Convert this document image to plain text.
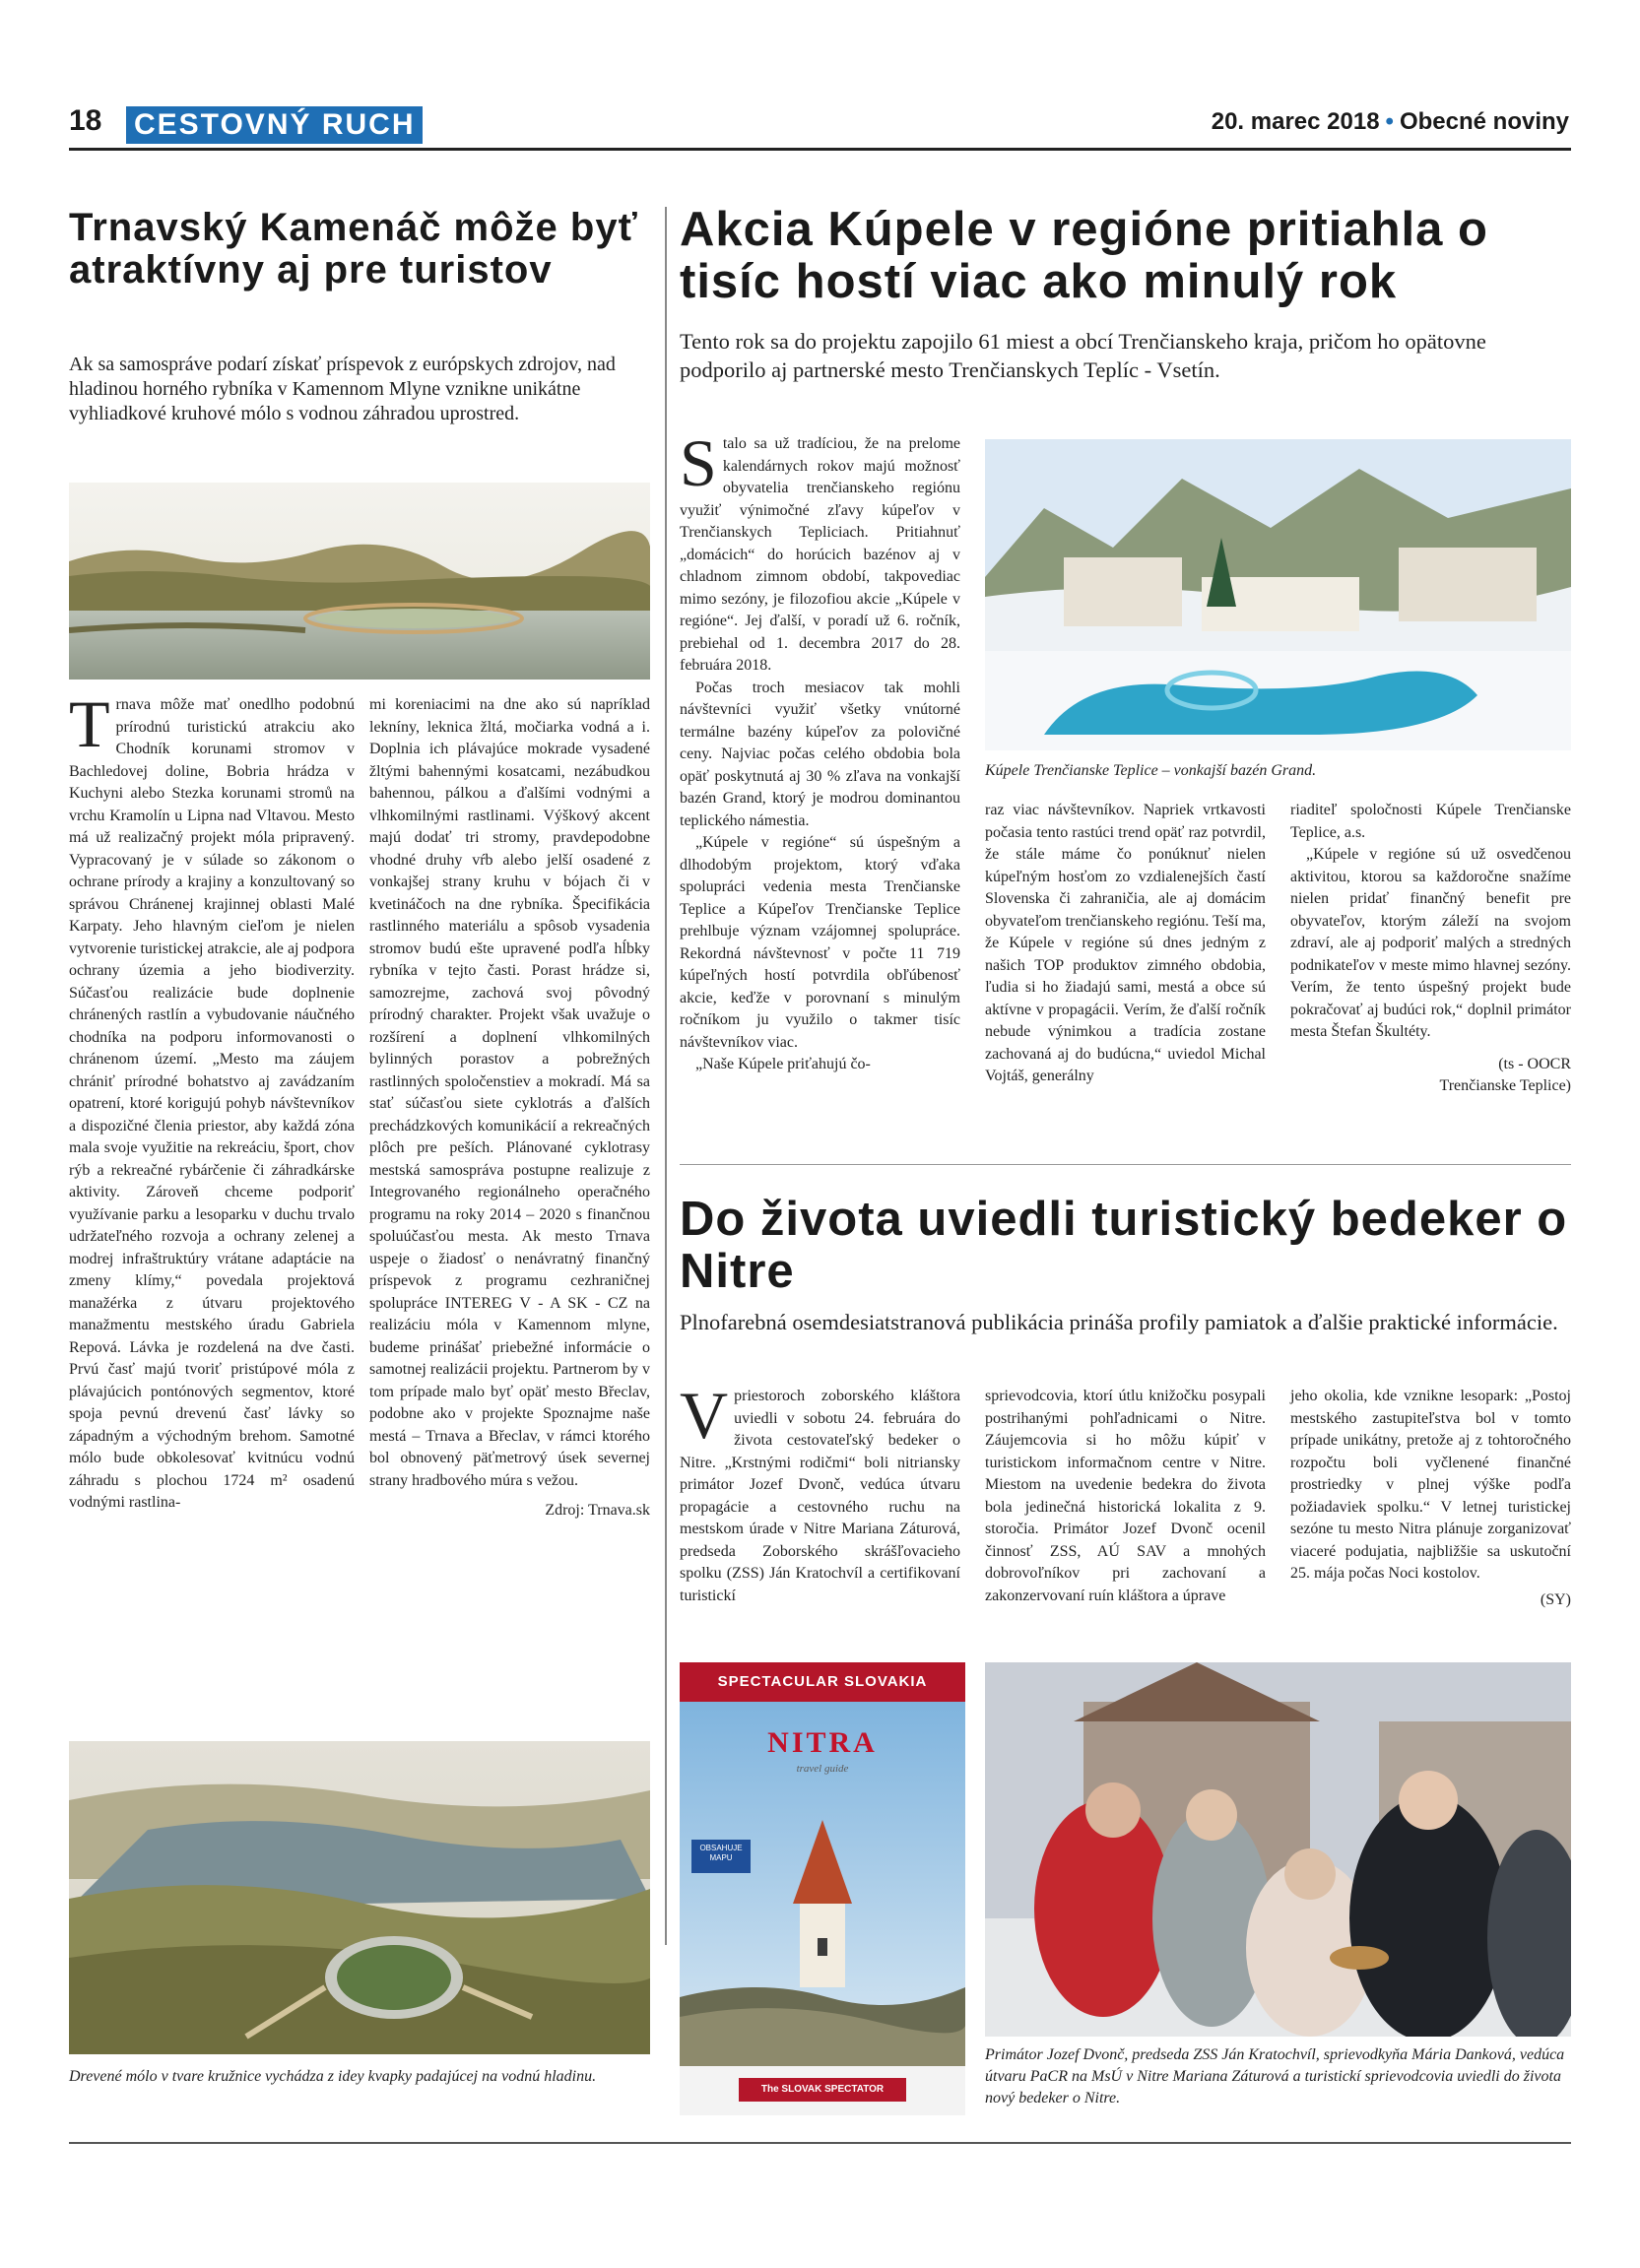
18 CESTOVNÝ RUCH	20. marec 2018 • Obecné noviny
Trnavský Kamenáč môže byť atraktívny aj pre turistov
Ak sa samospráve podarí získať príspevok z európskych zdrojov, nad hladinou horného rybníka v Kamennom Mlyne vznikne unikátne vyhliadkové kruhové mólo s vodnou záhradou uprostred.
Trnava môže mať onedlho podobnú prírodnú turistickú atrakciu ako Chodník korunami stromov v Bachledovej doline, Bobria hrádza v Kuchyni alebo Stezka korunami stromů na vrchu Kramolín u Lipna nad Vltavou. Mesto má už realizačný projekt móla pripravený. Vypracovaný je v súlade so zákonom o ochrane prírody a krajiny a konzultovaný so správou Chránenej krajinnej oblasti Malé Karpaty. Jeho hlavným cieľom je nielen vytvorenie turistickej atrakcie, ale aj podpora ochrany územia a jeho biodiverzity. Súčasťou realizácie bude doplnenie chránených rastlín a vybudovanie náučného chodníka na podporu informovanosti o chránenom území. „Mesto ma záujem chrániť prírodné bohatstvo aj zavádzaním opatrení, ktoré korigujú pohyb návštevníkov a dispozičné členia priestor, aby každá zóna mala svoje využitie na rekreáciu, šport, chov rýb a rekreačné rybárčenie či záhradkárske aktivity. Zároveň chceme podporiť využívanie parku a lesoparku v duchu trvalo udržateľného rozvoja a ochrany zelenej a modrej infraštruktúry vrátane adaptácie na zmeny klímy,“ povedala projektová manažérka z útvaru projektového manažmentu mestského úradu Gabriela Repová. Lávka je rozdelená na dve časti. Prvú časť majú tvoriť pristúpové móla z plávajúcich pontónových segmentov, ktoré spoja pevnú drevenú časť lávky so západným a východným brehom. Samotné mólo bude obkolesovať kvitnúcu vodnú záhradu s plochou 1724 m² osadenú vodnými rastlina-

mi koreniacimi na dne ako sú napríklad lekníny, leknica žltá, močiarka vodná a i. Doplnia ich plávajúce mokrade vysadené žltými bahennými kosatcami, nezábudkou bahennou, pálkou a ďalšími vodnými a vlhkomilnými rastlinami. Výškový akcent majú dodať tri stromy, pravdepodobne vhodné druhy vŕb alebo jelší osadené z vonkajšej strany kruhu v bójach či v kvetináčoch na dne rybníka. Špecifikácia rastlinného materiálu a spôsob vysadenia stromov budú ešte upravené podľa hĺbky rybníka v tejto časti. Porast hrádze si, samozrejme, zachová svoj pôvodný prírodný charakter. Projekt však uvažuje o rozšírení a doplnení vlhkomilných bylinných porastov a pobrežných rastlinných spoločenstiev a mokradí. Má sa stať súčasťou siete cyklotrás a ďalších prechádzkových komunikácií a rekreačných plôch pre peších. Plánované cyklotrasy mestská samospráva postupne realizuje z Integrovaného regionálneho operačného programu na roky 2014 – 2020 s finančnou spoluúčasťou mesta. Ak mesto Trnava uspeje o žiadosť o nenávratný finančný príspevok z programu cezhraničnej spolupráce INTEREG V - A SK - CZ na realizáciu móla v Kamennom mlyne, budeme prinášať priebežné informácie o samotnej realizácii projektu. Partnerom by v tom prípade malo byť opäť mesto Břeclav, podobne ako v projekte Spoznajme naše mestá – Trnava a Břeclav, v rámci ktorého bol obnovený päťmetrový úsek severnej strany hradbového múra s vežou.

Zdroj: Trnava.sk

Drevené mólo v tvare kružnice vychádza z idey kvapky padajúcej na vodnú hladinu.
Akcia Kúpele v regióne pritiahla o tisíc hostí viac ako minulý rok
Tento rok sa do projektu zapojilo 61 miest a obcí Trenčianskeho kraja, pričom ho opätovne podporilo aj partnerské mesto Trenčianskych Teplíc - Vsetín.

Stalo sa už tradíciou, že na prelome kalendárnych rokov majú možnosť obyvatelia trenčianskeho regiónu využiť výnimočné zľavy kúpeľov v Trenčianskych Tepliciach. Pritiahnuť „domácich“ do horúcich bazénov aj v chladnom zimnom období, takpovediac mimo sezóny, je filozofiou akcie „Kúpele v regióne“. Jej ďalší, v poradí už 6. ročník, prebiehal od 1. decembra 2017 do 28. februára 2018.

Počas troch mesiacov tak mohli návštevníci využiť všetky vnútorné termálne bazény kúpeľov za polovičné ceny. Najviac počas celého obdobia bola opäť poskytnutá aj 30 % zľava na vonkajší bazén Grand, ktorý je modrou dominantou teplického námestia.

„Kúpele v regióne“ sú úspešným a dlhodobým projektom, ktorý vďaka spolupráci vedenia mesta Trenčianske Teplice a Kúpeľov Trenčianske Teplice prehlbuje význam vzájomnej spolupráce. Rekordná návštevnosť v počte 11 719 kúpeľných hostí potvrdila obľúbenosť akcie, keďže v porovnaní s minulým ročníkom ju využilo o takmer tisíc návštevníkov viac.

„Naše Kúpele priťahujú čo-

Kúpele Trenčianske Teplice – vonkajší bazén Grand.

raz viac návštevníkov. Napriek vrtkavosti počasia tento rastúci trend opäť raz potvrdil, že stále máme čo ponúknuť nielen kúpeľným hosťom zo vzdialenejších častí Slovenska či zahraničia, ale aj domácim obyvateľom trenčianskeho regiónu. Teší ma, že Kúpele v regióne sú dnes jedným z našich TOP produktov zimného obdobia, ľudia si ho žiadajú sami, mestá a obce sú aktívne v propagácii. Verím, že ďalší ročník nebude výnimkou a tradícia zostane zachovaná aj do budúcna,“ uviedol Michal Vojtáš, generálny

riaditeľ spoločnosti Kúpele Trenčianske Teplice, a.s.

„Kúpele v regióne sú už osvedčenou aktivitou, ktorou sa každoročne snažíme nielen pridať finančný benefit pre obyvateľov, ktorým záleží na svojom zdraví, ale aj podporiť malých a stredných podnikateľov v meste mimo hlavnej sezóny. Verím, že tento úspešný projekt bude pokračovať aj budúci rok,“ doplnil primátor mesta Štefan Škultéty.

(ts - OOCR

Trenčianske Teplice)

Do života uviedli turistický bedeker o Nitre
Plnofarebná osemdesiatstranová publikácia prináša profily pamiatok a ďalšie praktické informácie.
Vpriestoroch zoborského kláštora uviedli v sobotu 24. februára do života cestovateľský bedeker o Nitre. „Krstnými rodičmi“ boli nitriansky primátor Jozef Dvonč, vedúca útvaru propagácie a cestovného ruchu na mestskom úrade v Nitre Mariana Záturová, predseda Zoborského skrášľovacieho spolku (ZSS) Ján Kratochvíl a certifikovaní turistickí

sprievodcovia, ktorí útlu knižočku posypali postrihanými pohľadnicami o Nitre. Záujemcovia si ho môžu kúpiť v turistickom informačnom centre v Nitre. Miestom na uvedenie bedekra do života bola jedinečná historická lokalita z 9. storočia. Primátor Jozef Dvonč ocenil činnosť ZSS, AÚ SAV a mnohých dobrovoľníkov pri zachovaní a zakonzervovaní ruín kláštora a úprave

jeho okolia, kde vznikne lesopark: „Postoj mestského zastupiteľstva bol v tomto prípade unikátny, pretože aj z tohtoročného rozpočtu boli vyčlenené finančné prostriedky v plnej výške podľa požiadaviek spolku.“ V letnej turistickej sezóne tu mesto Nitra plánuje zorganizovať viaceré podujatia, najbližšie sa uskutoční 25. mája počas Noci kostolov.

(SY)

SPECTACULAR SLOVAKIA
NITRA
travel guide
OBSAHUJE MAPU
The SLOVAK SPECTATOR
Primátor Jozef Dvonč, predseda ZSS Ján Kratochvíl, sprievodkyňa Mária Danková, vedúca útvaru PaCR na MsÚ v Nitre Mariana Záturová a turistickí sprievodcovia uviedli do života nový bedeker o Nitre.
